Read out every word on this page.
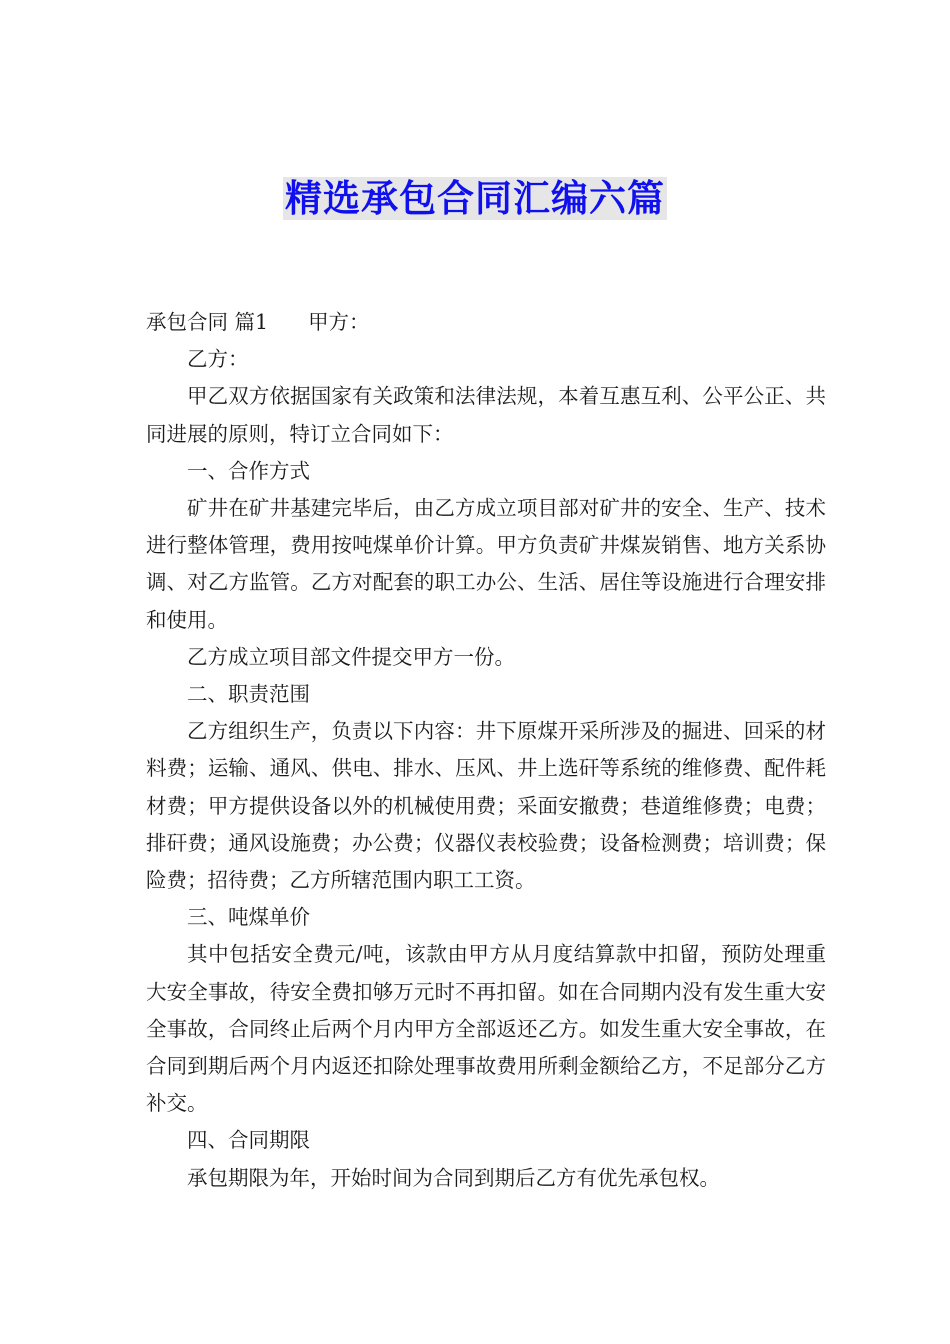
精选承包合同汇编六篇

承包合同 篇1 甲方：

乙方：

甲乙双方依据国家有关政策和法律法规，本着互惠互利、公平公正、共同进展的原则，特订立合同如下：

一、合作方式

矿井在矿井基建完毕后，由乙方成立项目部对矿井的安全、生产、技术进行整体管理，费用按吨煤单价计算。甲方负责矿井煤炭销售、地方关系协调、对乙方监管。乙方对配套的职工办公、生活、居住等设施进行合理安排和使用。

乙方成立项目部文件提交甲方一份。

二、职责范围

乙方组织生产，负责以下内容：井下原煤开采所涉及的掘进、回采的材料费；运输、通风、供电、排水、压风、井上选矸等系统的维修费、配件耗材费；甲方提供设备以外的机械使用费；采面安撤费；巷道维修费；电费；排矸费；通风设施费；办公费；仪器仪表校验费；设备检测费；培训费；保险费；招待费；乙方所辖范围内职工工资。

三、吨煤单价

其中包括安全费元/吨，该款由甲方从月度结算款中扣留，预防处理重大安全事故，待安全费扣够万元时不再扣留。如在合同期内没有发生重大安全事故，合同终止后两个月内甲方全部返还乙方。如发生重大安全事故，在合同到期后两个月内返还扣除处理事故费用所剩金额给乙方，不足部分乙方补交。

四、合同期限

承包期限为年，开始时间为合同到期后乙方有优先承包权。
